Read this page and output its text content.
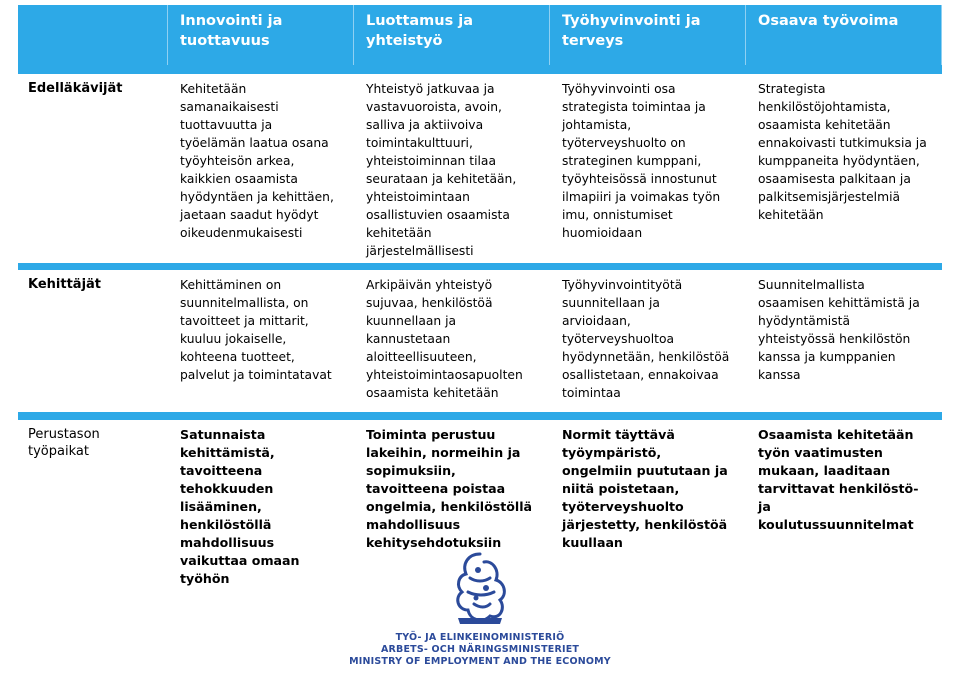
Innovointi ja
tuottavuus
Luottamus ja
yhteistyö
Työhyvinvointi ja
terveys
Osaava työvoima
Edelläkävijät	Kehitetään
samanaikaisesti
tuottavuutta ja
työelämän laatua osana
työyhteisön arkea,
kaikkien osaamista
hyödyntäen ja kehittäen,
jaetaan saadut hyödyt
oikeudenmukaisesti
Yhteistyö jatkuvaa ja
vastavuoroista, avoin,
salliva ja aktiivoiva
toimintakulttuuri,
yhteistoiminnan tilaa
seurataan ja kehitetään,
yhteistoimintaan
osallistuvien osaamista
kehitetään
järjestelmällisesti
Työhyvinvointi osa
strategista toimintaa ja
johtamista,
työterveyshuolto on
strateginen kumppani,
työyhteisössä innostunut
ilmapiiri ja voimakas työn
imu, onnistumiset
huomioidaan
Strategista
henkilöstöjohtamista,
osaamista kehitetään
ennakoivasti tutkimuksia ja
kumppaneita hyödyntäen,
osaamisesta palkitaan ja
palkitsemisjärjestelmiä
kehitetään
Kehittäjät	Kehittäminen on
suunnitelmallista, on
tavoitteet ja mittarit,
kuuluu jokaiselle,
kohteena tuotteet,
palvelut ja toimintatavat
Arkipäivän yhteistyö
sujuvaa, henkilöstöä
kuunnellaan ja
kannustetaan
aloitteellisuuteen,
yhteistoimintaosapuolten
osaamista kehitetään
Työhyvinvointityötä
suunnitellaan ja
arvioidaan,
työterveyshuoltoa
hyödynnetään, henkilöstöä
osallistetaan, ennakoivaa
toimintaa
Suunnitelmallista
osaamisen kehittämistä ja
hyödyntämistä
yhteistyössä henkilöstön
kanssa ja kumppanien
kanssa
Perustason
työpaikat
Satunnaista
kehittämistä,
tavoitteena
tehokkuuden
lisääminen,
henkilöstöllä
mahdollisuus
vaikuttaa omaan
työhön
Toiminta perustuu
lakeihin, normeihin ja
sopimuksiin,
tavoitteena poistaa
ongelmia, henkilöstöllä
mahdollisuus
kehitysehdotuksiin
Normit täyttävä
työympäristö,
ongelmiin puututaan ja
niitä poistetaan,
työterveyshuolto
järjestetty, henkilöstöä
kuullaan
Osaamista kehitetään
työn vaatimusten
mukaan, laaditaan
tarvittavat henkilöstö-
ja
koulutussuunnitelmat
TYÖ- JA ELINKEINOMINISTERIÖ
ARBETS- OCH NÄRINGSMINISTERIET
MINISTRY OF EMPLOYMENT AND THE ECONOMY
